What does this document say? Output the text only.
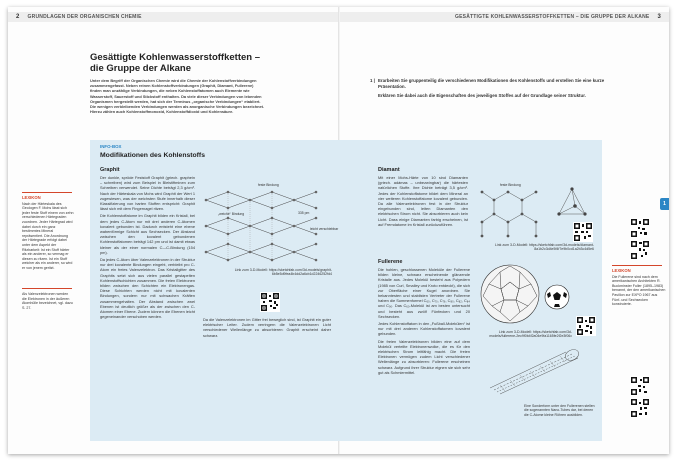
2 GRUNDLAGEN DER ORGANISCHEN CHEMIE	GESÄTTIGTE KOHLENWASSERSTOFFKETTEN – DIE GRUPPE DER ALKANE 3
Gesättigte Kohlenwasserstoffketten –
die Gruppe der Alkane
Unter dem Begriff der Organischen Chemie wird die Chemie der Kohlenstoffverbindungen zusammengefasst. Neben reinen Kohlenstoffverbindungen (Graphit, Diamant, Fullerene) finden man unzählige Verbindungen, die neben Kohlenstoffatomen auch Elemente wie Wasserstoff, Sauerstoff und Stickstoff enthalten. Da viele dieser Verbindungen von lebenden Organismen hergestellt werden, hat sich der Terminus „organische Verbindungen“ etabliert. Die wenigen verbleibenden Verbindungen werden als anorganische Verbindungen bezeichnet. Hierzu zählen auch Kohlenstoffmonoxid, Kohlenstoffdioxid und Kohlensäure.
1 | Erarbeiten Sie gruppenteilig die verschiedenen Modifikationen des Kohlenstoffs und erstellen Sie eine kurze Präsentation.

Erklären Sie dabei auch die Eigenschaften des jeweiligen Stoffes auf der Grundlage seiner Struktur.

LEXIKON
Nach der Härteskala des Geologen F. Mohs lässt sich jeder feste Stoff einem von zehn verschiedenen Härtegraden zuordnen. Jeder Härtegrad wird dabei durch ein ganz bestimmtes Mineral repräsentiert. Die Anordnung der Härtegrade erfolgt dabei unter dem Aspekt der Ritzbarkeit: Ist ein Stoff härter als ein anderer, so vermag er diesen zu ritzen. Ist ein Stoff weicher als ein anderer, so wird er von jenem geritzt.
Als Valenzelektronen werden die Elektronen in der äußeren Atomhülle bezeichnet, vgl. dazu S. 27.
LEXIKON
Die Fullerene sind nach dem amerikanischen Architekten R. Buckminster Fuller (1895–1983) benannt, der den amerikanischen Pavillon zur EXPO 1967 aus Fünf- und Sechsecken konstruierte.
1
INFO-BOX
Modifikationen des Kohlenstoffs
Graphit

Der dunkle, spröde Feststoff Graphit (griech. graphein – schreiben) wird zum Beispiel in Bleistiftminen zum Schreiben verwendet. Seine Dichte beträgt 2,3 g/cm³. Nach der Härteskala von Mohs wird Graphit der Wert 1 zugewiesen, was der weichsten Stufe innerhalb dieser Klassifizierung von harten Stoffen entspricht: Graphit lässt sich mit dem Fingernagel ritzen.

Die Kohlenstoffatome im Graphit bilden ein Kristall, bei dem jedes C-Atom nur mit drei anderen C-Atomen kovalent gebunden ist. Dadurch entsteht eine ebene wabenförmige Schicht aus Sechsecken. Der Abstand zwischen den kovalent gebundenen Kohlenstoffatomen beträgt 142 pm und ist damit etwas kleiner als der einer normalen C—C-Bindung (154 pm).

Da jedes C-Atom über Valenzelektronen in der Struktur nur drei kovalente Bindungen eingeht, verbleibt pro C-Atom ein freies Valenzelektron. Das Kristallgitter des Graphits setzt sich aus vielen parallel gestapelten Kohlenstoffschichten zusammen. Die freien Elektronen bilden zwischen den Schichten ein Elektronengas. Diese Schichten werden nicht mit kovalenten Bindungen, sondern nur mit schwachen Kräften zusammengehalten. Der Abstand zwischen zwei Ebenen ist deutlich größer als der zwischen den C-Atomen einer Ebene. Zudem können die Ebenen leicht gegeneinander verschoben werden.

feste Bindung
„weiche“ Bindung
leicht verschiebbar
335 pm
Link zum 3-D-Modell: https://sketchfab.com/3d-models/graphit-6b5e5d9fea4b4dd2a6cb1d2246252fd4
Da die Valenzelektronen im Gitter frei beweglich sind, ist Graphit ein guter elektrischer Leiter. Zudem verringern die Valenzelektronen Licht verschiedener Wellenlänge zu absorbieren: Graphit erscheint daher schwarz.
Diamant
Mit einer Mohs-Härte von 10 sind Diamanten (griech. adámas – unbezwingbar) die härtesten natürlichen Stoffe. Ihre Dichte beträgt 3,5 g/cm³. Jedes der Kohlenstoffatome bildet dem Mineral an vier weiteren Kohlenstoffatome kovalent gebunden. Da alle Valenzelektronen fest in der Struktur eingebunden sind, leiten Diamanten den elektrischen Strom nicht. Sie absorbieren auch kein Licht. Dass einige Diamanten farbig erscheinen, ist auf Fremdatome im Kristall zurückzuführen.
feste Bindung
Link zum 3-D-Modell: https://sketchfab.com/3d-models/diamant-8a1b2c3d4e5f4f7e9b0cd1a2b3c4d5e6
Fullerene

Die hohlen, geschlossenen Moleküle der Fullerene bilden kleine, schwarz erscheinende glänzende Kristalle aus. Jedes Molekül besteht aus Polyedern (1985 von Curl, Smalley und Kroto entdeckt), die sich zur Oberfläche einer Kugel anordnen. Sie bekanntesten und stabilsten Vertreter der Fullerene haben die Summenformel C₆₀, C₇₀, C₇₆, C₈₀, C₈₂, C₈₄ und C₉₀. Das C₆₀-Molekül ist am besten untersucht und besteht aus zwölf Fünfecken und 20 Sechsecken.

Jedes Kohlenstoffatom in den „Fußball-Molekülen“ ist nur mit drei anderen Kohlenstoffatomen kovalent gebunden.

Die freien Valenzelektronen bilden eine auf dem Molekül verteilte Elektronenwolke, die es für den elektrischen Strom leitfähig macht. Die freien Elektronen vermögen zudem Licht verschiedener Wellenlänge zu absorbieren: Fullerene erscheinen schwarz. Aufgrund ihrer Struktur eignen sie sich sehr gut als Schmiermittel.

Link zum 3-D-Modell: https://sketchfab.com/3d-models/fullerene-2ec9f0b4f2a04e9fa1165fe2f2e3f06c
Eine Sonderform unter den Fullerenen stellen die sogenannten Nano-Tubes dar, bei denen die C-Atome kleine Röhren ausbilden.
